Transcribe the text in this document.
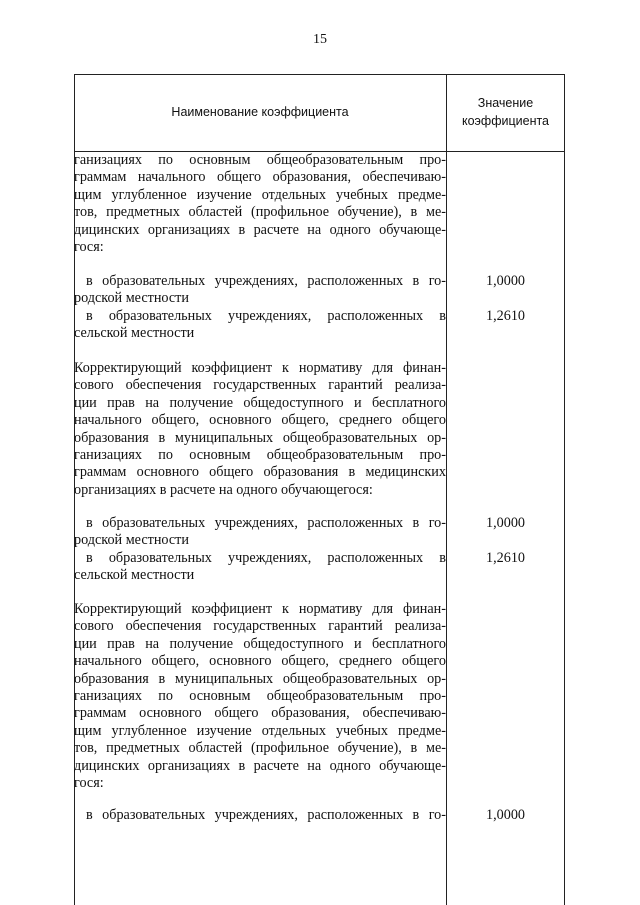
15
Наименование коэффициента
Значение
коэффициента
ганизациях по основным общеобразовательным про-
граммам начального общего образования, обеспечиваю-
щим углубленное изучение отдельных учебных предме-
тов, предметных областей (профильное обучение), в ме-
дицинских организациях в расчете на одного обучающе-
гося:
в образовательных учреждениях, расположенных в го-
родской местности
1,0000
в образовательных учреждениях, расположенных в
сельской местности
1,2610
Корректирующий коэффициент к нормативу для финан-
сового обеспечения государственных гарантий реализа-
ции прав на получение общедоступного и бесплатного
начального общего, основного общего, среднего общего
образования в муниципальных общеобразовательных ор-
ганизациях по основным общеобразовательным про-
граммам основного общего образования в медицинских
организациях в расчете на одного обучающегося:
в образовательных учреждениях, расположенных в го-
родской местности
1,0000
в образовательных учреждениях, расположенных в
сельской местности
1,2610
Корректирующий коэффициент к нормативу для финан-
сового обеспечения государственных гарантий реализа-
ции прав на получение общедоступного и бесплатного
начального общего, основного общего, среднего общего
образования в муниципальных общеобразовательных ор-
ганизациях по основным общеобразовательным про-
граммам основного общего образования, обеспечиваю-
щим углубленное изучение отдельных учебных предме-
тов, предметных областей (профильное обучение), в ме-
дицинских организациях в расчете на одного обучающе-
гося:
в образовательных учреждениях, расположенных в го-	1,0000
